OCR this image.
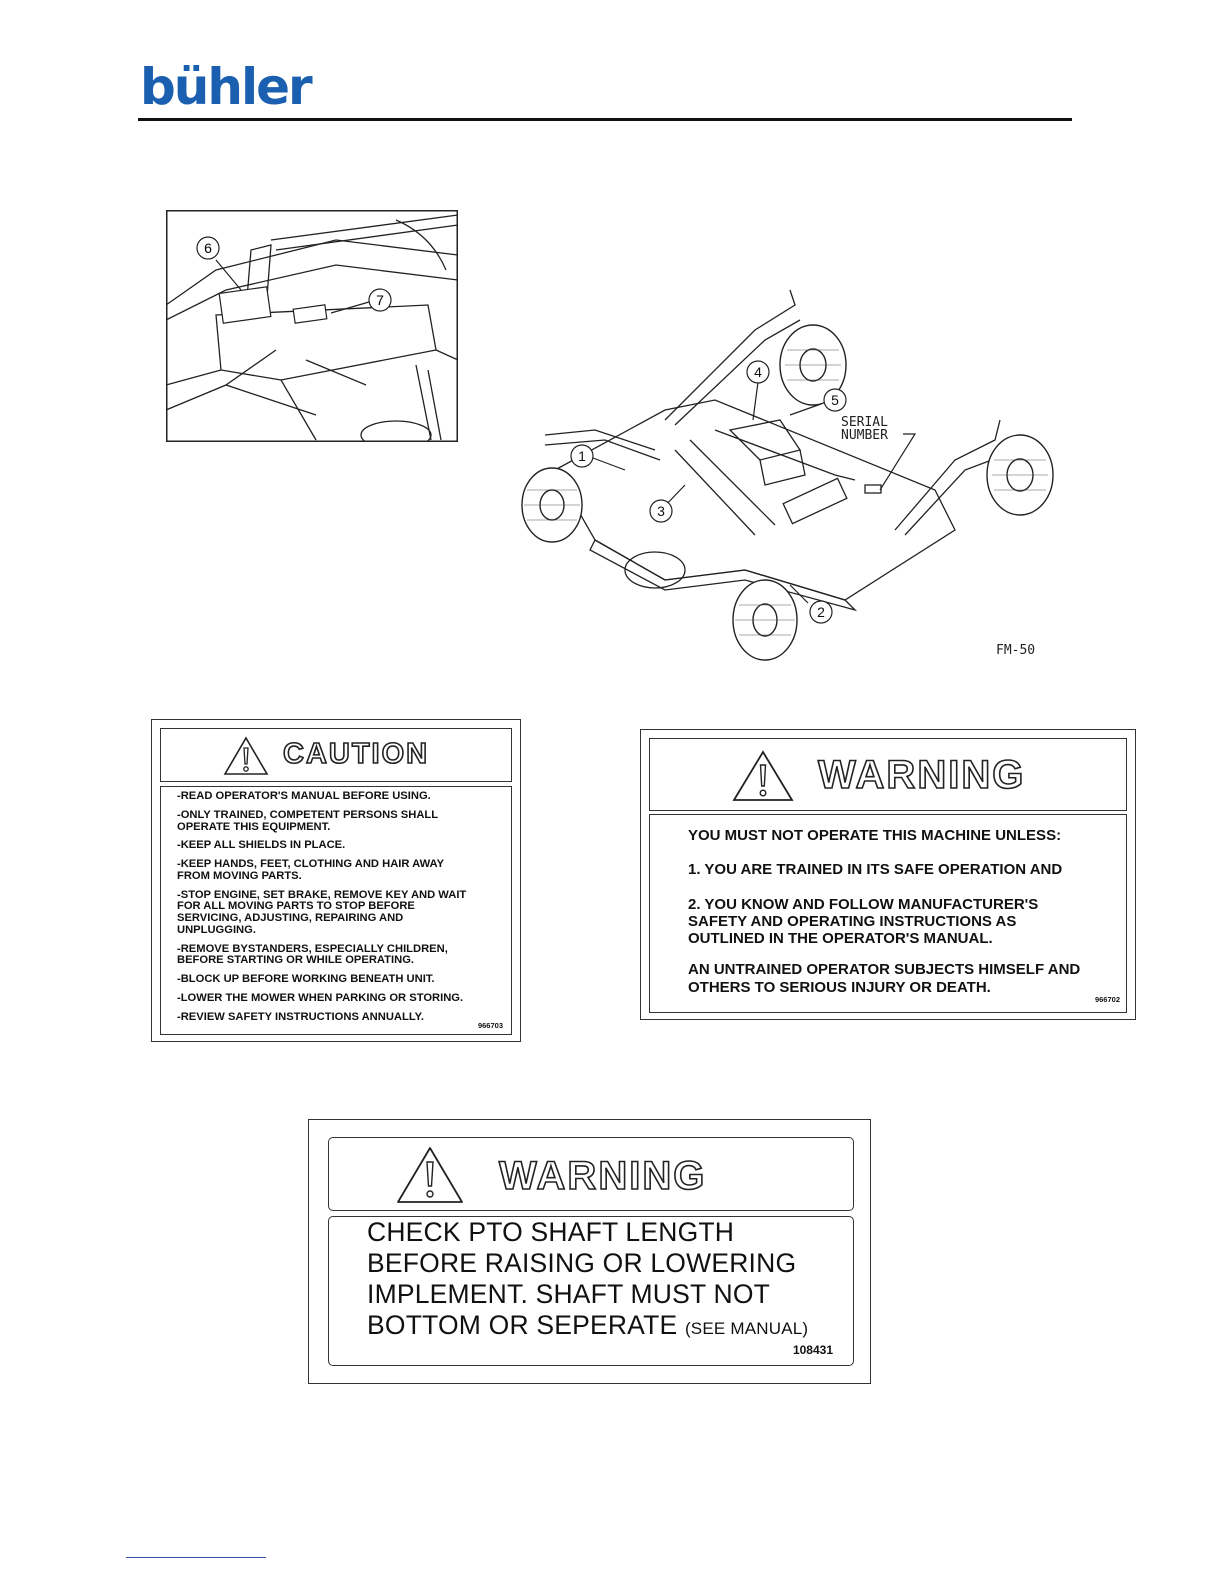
bühler
6
7
1
2
3
4
5
SERIAL
NUMBER
FM-50
CAUTION
-READ OPERATOR'S MANUAL BEFORE USING.
-ONLY TRAINED, COMPETENT PERSONS SHALL
OPERATE THIS EQUIPMENT.
-KEEP ALL SHIELDS IN PLACE.
-KEEP HANDS, FEET, CLOTHING AND HAIR AWAY
FROM MOVING PARTS.
-STOP ENGINE, SET BRAKE, REMOVE KEY AND WAIT
FOR ALL MOVING PARTS TO STOP BEFORE
SERVICING, ADJUSTING, REPAIRING AND
UNPLUGGING.
-REMOVE BYSTANDERS, ESPECIALLY CHILDREN,
BEFORE STARTING OR WHILE OPERATING.
-BLOCK UP BEFORE WORKING BENEATH UNIT.
-LOWER THE MOWER WHEN PARKING OR STORING.
-REVIEW SAFETY INSTRUCTIONS ANNUALLY.
966703
WARNING

YOU MUST NOT OPERATE THIS MACHINE UNLESS:

1. YOU ARE TRAINED IN ITS SAFE OPERATION AND

2. YOU KNOW AND FOLLOW MANUFACTURER'S
SAFETY AND OPERATING INSTRUCTIONS AS
OUTLINED IN THE OPERATOR'S MANUAL.

AN UNTRAINED OPERATOR SUBJECTS HIMSELF AND
OTHERS TO SERIOUS INJURY OR DEATH.

966702
WARNING
CHECK PTO SHAFT LENGTH
BEFORE RAISING OR LOWERING
IMPLEMENT. SHAFT MUST NOT
BOTTOM OR SEPERATE (SEE MANUAL)
108431
